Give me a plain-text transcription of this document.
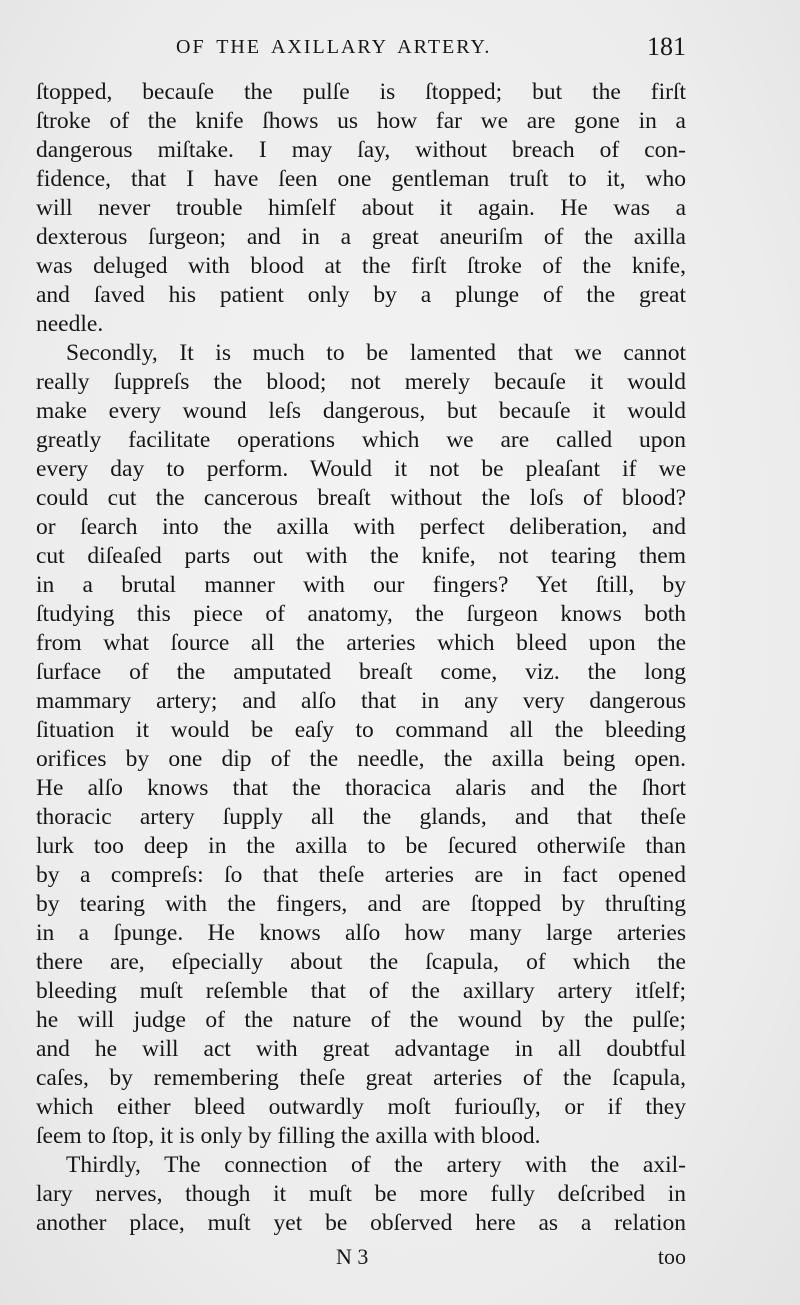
OF THE AXILLARY ARTERY.	181

ſtopped, becauſe the pulſe is ſtopped; but the firſt
ſtroke of the knife ſhows us how far we are gone in a
dangerous miſtake. I may ſay, without breach of con-
fidence, that I have ſeen one gentleman truſt to it, who
will never trouble himſelf about it again. He was a
dexterous ſurgeon; and in a great aneuriſm of the axilla
was deluged with blood at the firſt ſtroke of the knife,
and ſaved his patient only by a plunge of the great
needle.

Secondly, It is much to be lamented that we cannot
really ſuppreſs the blood; not merely becauſe it would
make every wound leſs dangerous, but becauſe it would
greatly facilitate operations which we are called upon
every day to perform. Would it not be pleaſant if we
could cut the cancerous breaſt without the loſs of blood?
or ſearch into the axilla with perfect deliberation, and
cut diſeaſed parts out with the knife, not tearing them
in a brutal manner with our fingers? Yet ſtill, by
ſtudying this piece of anatomy, the ſurgeon knows both
from what ſource all the arteries which bleed upon the
ſurface of the amputated breaſt come, viz. the long
mammary artery; and alſo that in any very dangerous
ſituation it would be eaſy to command all the bleeding
orifices by one dip of the needle, the axilla being open.
He alſo knows that the thoracica alaris and the ſhort
thoracic artery ſupply all the glands, and that theſe
lurk too deep in the axilla to be ſecured otherwiſe than
by a compreſs: ſo that theſe arteries are in fact opened
by tearing with the fingers, and are ſtopped by thruſting
in a ſpunge. He knows alſo how many large arteries
there are, eſpecially about the ſcapula, of which the
bleeding muſt reſemble that of the axillary artery itſelf;
he will judge of the nature of the wound by the pulſe;
and he will act with great advantage in all doubtful
caſes, by remembering theſe great arteries of the ſcapula,
which either bleed outwardly moſt furiouſly, or if they
ſeem to ſtop, it is only by filling the axilla with blood.

Thirdly, The connection of the artery with the axil-
lary nerves, though it muſt be more fully deſcribed in
another place, muſt yet be obſerved here as a relation

N 3	too
